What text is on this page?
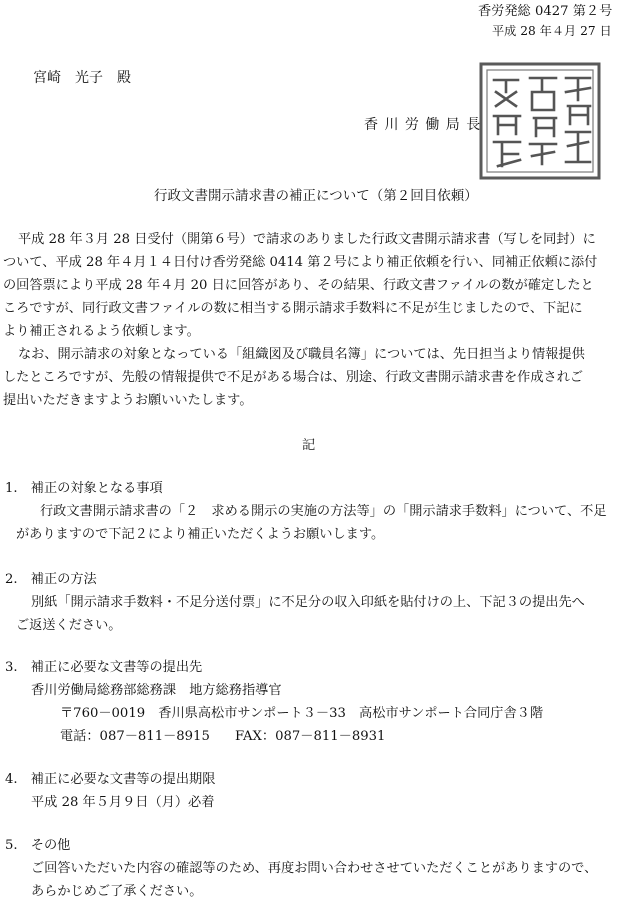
香労発総 0427 第２号
平成 28 年４月 27 日
宮崎　光子　殿
香 川 労 働 局 長
行政文書開示請求書の補正について（第２回目依頼）
平成 28 年３月 28 日受付（開第６号）で請求のありました行政文書開示請求書（写しを同封）に
ついて、平成 28 年４月１４日付け香労発総 0414 第２号により補正依頼を行い、同補正依頼に添付
の回答票により平成 28 年４月 20 日に回答があり、その結果、行政文書ファイルの数が確定したと
ころですが、同行政文書ファイルの数に相当する開示請求手数料に不足が生じましたので、下記に
より補正されるよう依頼します。
なお、開示請求の対象となっている「組織図及び職員名簿」については、先日担当より情報提供
したところですが、先般の情報提供で不足がある場合は、別途、行政文書開示請求書を作成されご
提出いただきますようお願いいたします。
記
1.　補正の対象となる事項
行政文書開示請求書の「２　求める開示の実施の方法等」の「開示請求手数料」について、不足
がありますので下記２により補正いただくようお願いします。
2.　補正の方法
別紙「開示請求手数料・不足分送付票」に不足分の収入印紙を貼付けの上、下記３の提出先へ
ご返送ください。
3.　補正に必要な文書等の提出先
香川労働局総務部総務課　地方総務指導官
〒760－0019　香川県高松市サンポート３－33　高松市サンポート合同庁舎３階
電話：087－811－8915 FAX：087－811－8931
4.　補正に必要な文書等の提出期限
平成 28 年５月９日（月）必着
5.　その他
ご回答いただいた内容の確認等のため、再度お問い合わせさせていただくことがありますので、
あらかじめご了承ください。
